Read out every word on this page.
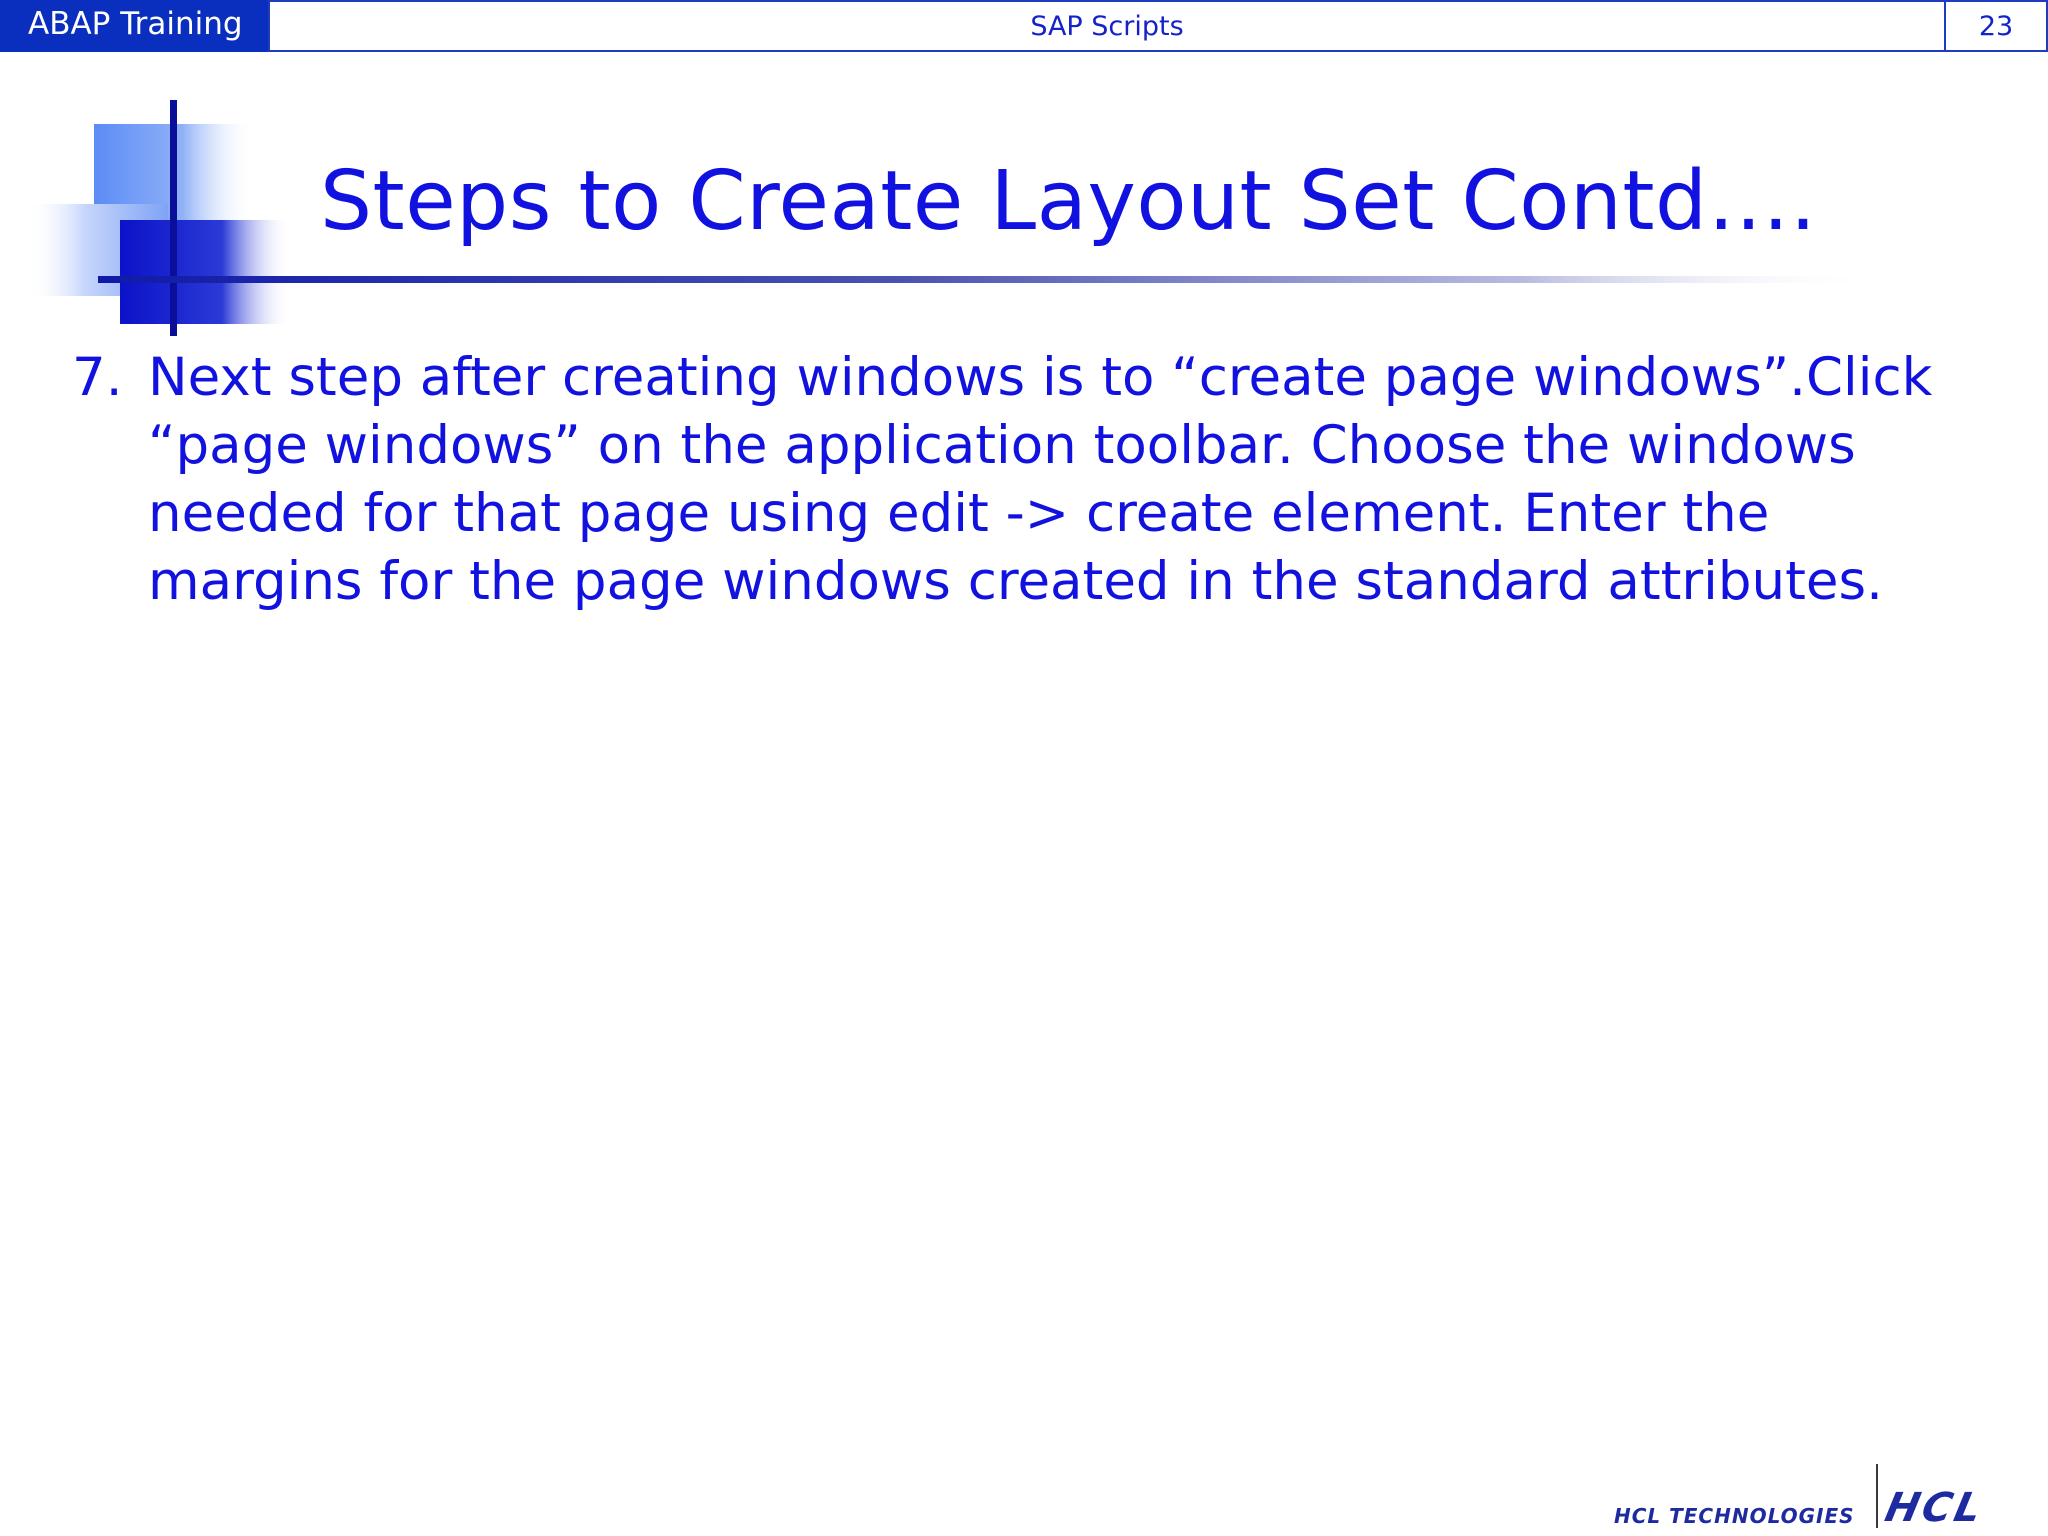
ABAP Training	SAP Scripts	23
Steps to Create Layout Set Contd….
7. Next step after creating windows is to “create page windows”.Click “page windows” on the application toolbar. Choose the windows needed for that page using edit -> create element. Enter the margins for the page windows created in the standard attributes.
HCL TECHNOLOGIES HCL
